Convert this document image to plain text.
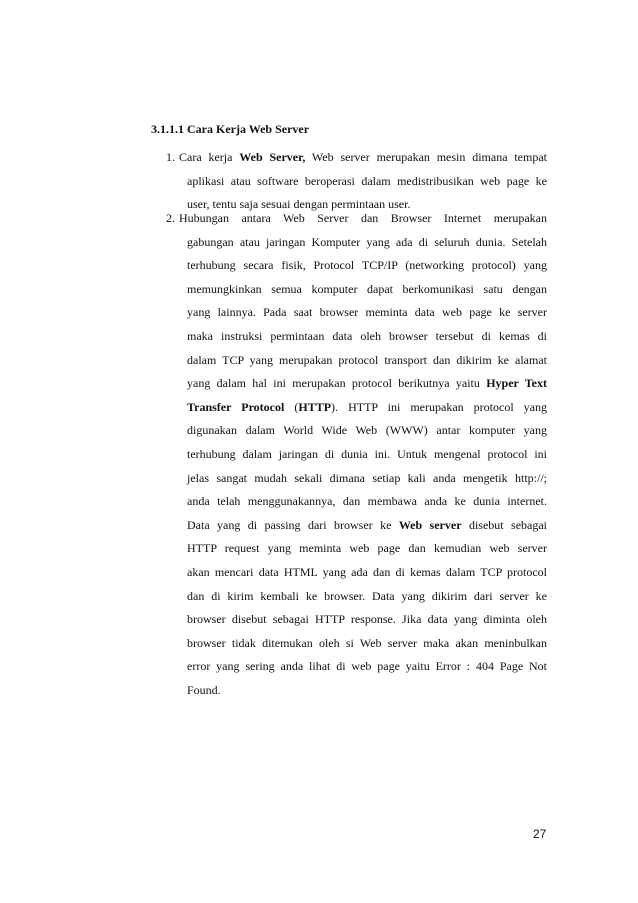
3.1.1.1 Cara Kerja Web Server
1. Cara kerja Web Server, Web server merupakan mesin dimana tempat
aplikasi atau software beroperasi dalam medistribusikan web page ke
user, tentu saja sesuai dengan permintaan user.
2. Hubungan antara Web Server dan Browser Internet merupakan
gabungan atau jaringan Komputer yang ada di seluruh dunia. Setelah
terhubung secara fisik, Protocol TCP/IP (networking protocol) yang
memungkinkan semua komputer dapat berkomunikasi satu dengan
yang lainnya. Pada saat browser meminta data web page ke server
maka instruksi permintaan data oleh browser tersebut di kemas di
dalam TCP yang merupakan protocol transport dan dikirim ke alamat
yang dalam hal ini merupakan protocol berikutnya yaitu Hyper Text
Transfer Protocol (HTTP). HTTP ini merupakan protocol yang
digunakan dalam World Wide Web (WWW) antar komputer yang
terhubung dalam jaringan di dunia ini. Untuk mengenal protocol ini
jelas sangat mudah sekali dimana setiap kali anda mengetik http://;
anda telah menggunakannya, dan membawa anda ke dunia internet.
Data yang di passing dari browser ke Web server disebut sebagai
HTTP request yang meminta web page dan kemudian web server
akan mencari data HTML yang ada dan di kemas dalam TCP protocol
dan di kirim kembali ke browser. Data yang dikirim dari server ke
browser disebut sebagai HTTP response. Jika data yang diminta oleh
browser tidak ditemukan oleh si Web server maka akan meninbulkan
error yang sering anda lihat di web page yaitu Error : 404 Page Not
Found.
27
